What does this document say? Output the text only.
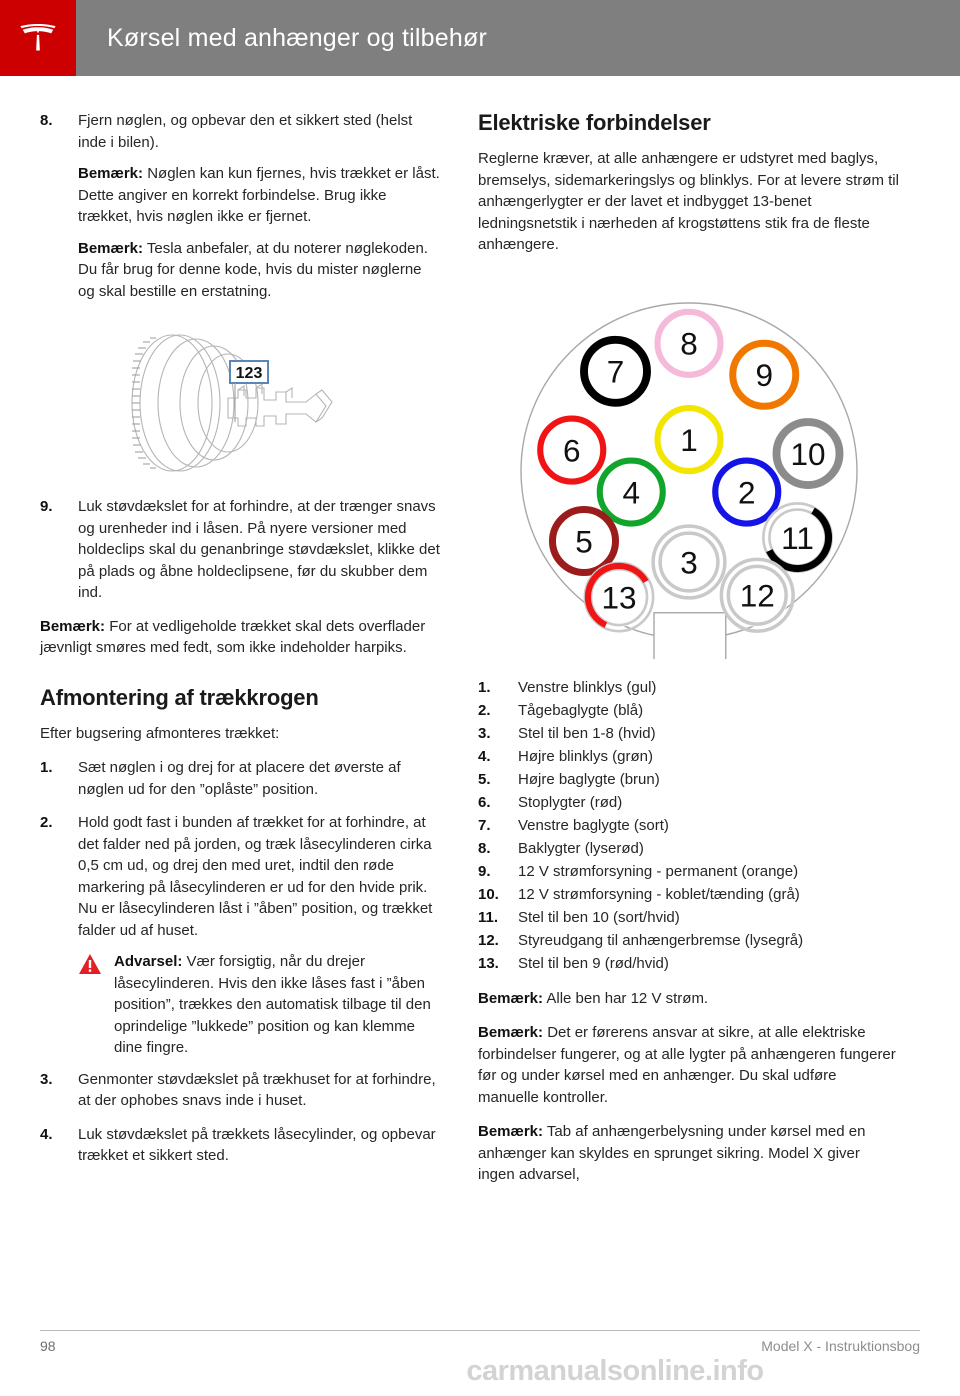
Kørsel med anhænger og tilbehør
8.	Fjern nøglen, og opbevar den et sikkert sted (helst inde i bilen).

Bemærk: Nøglen kan kun fjernes, hvis trækket er låst. Dette angiver en korrekt forbindelse. Brug ikke trækket, hvis nøglen ikke er fjernet.

Bemærk: Tesla anbefaler, at du noterer nøglekoden. Du får brug for denne kode, hvis du mister nøglerne og skal bestille en erstatning.

123
9.	Luk støvdækslet for at forhindre, at der trænger snavs og urenheder ind i låsen. På nyere versioner med holdeclips skal du genanbringe støvdækslet, klikke det på plads og åbne holdeclipsene, før du skubber dem ind.

Bemærk: For at vedligeholde trækket skal dets overflader jævnligt smøres med fedt, som ikke indeholder harpiks.

Afmontering af trækkrogen

Efter bugsering afmonteres trækket:

1.	Sæt nøglen i og drej for at placere det øverste af nøglen ud for den ”oplåste” position.

2.	Hold godt fast i bunden af trækket for at forhindre, at det falder ned på jorden, og træk låsecylinderen cirka 0,5 cm ud, og drej den med uret, indtil den røde markering på låsecylinderen er ud for den hvide prik. Nu er låsecylinderen låst i ”åben” position, og trækket falder ud af huset.

Advarsel: Vær forsigtig, når du drejer låsecylinderen. Hvis den ikke låses fast i ”åben position”, trækkes den automatisk tilbage til den oprindelige ”lukkede” position og kan klemme dine fingre.
3.	Genmonter støvdækslet på trækhuset for at forhindre, at der ophobes snavs inde i huset.

4.	Luk støvdækslet på trækkets låsecylinder, og opbevar trækket et sikkert sted.

Elektriske forbindelser

Reglerne kræver, at alle anhængere er udstyret med baglys, bremselys, sidemarkeringslys og blinklys. For at levere strøm til anhængerlygter er der lavet et indbygget 13-benet ledningsnetstik i nærheden af krogstøttens stik fra de fleste anhængere.

1
2
3
4
5
6
7
8
9
10
11
12
13
1.	Venstre blinklys (gul)
2.	Tågebaglygte (blå)
3.	Stel til ben 1-8 (hvid)
4.	Højre blinklys (grøn)
5.	Højre baglygte (brun)
6.	Stoplygter (rød)
7.	Venstre baglygte (sort)
8.	Baklygter (lyserød)
9.	12 V strømforsyning - permanent (orange)
10.	12 V strømforsyning - koblet/tænding (grå)
11.	Stel til ben 10 (sort/hvid)
12.	Styreudgang til anhængerbremse (lysegrå)
13.	Stel til ben 9 (rød/hvid)

Bemærk: Alle ben har 12 V strøm.

Bemærk: Det er førerens ansvar at sikre, at alle elektriske forbindelser fungerer, og at alle lygter på anhængeren fungerer før og under kørsel med en anhænger. Du skal udføre manuelle kontroller.

Bemærk: Tab af anhængerbelysning under kørsel med en anhænger kan skyldes en sprunget sikring. Model X giver ingen advarsel,

98	Model X - Instruktionsbog
carmanualsonline.info
